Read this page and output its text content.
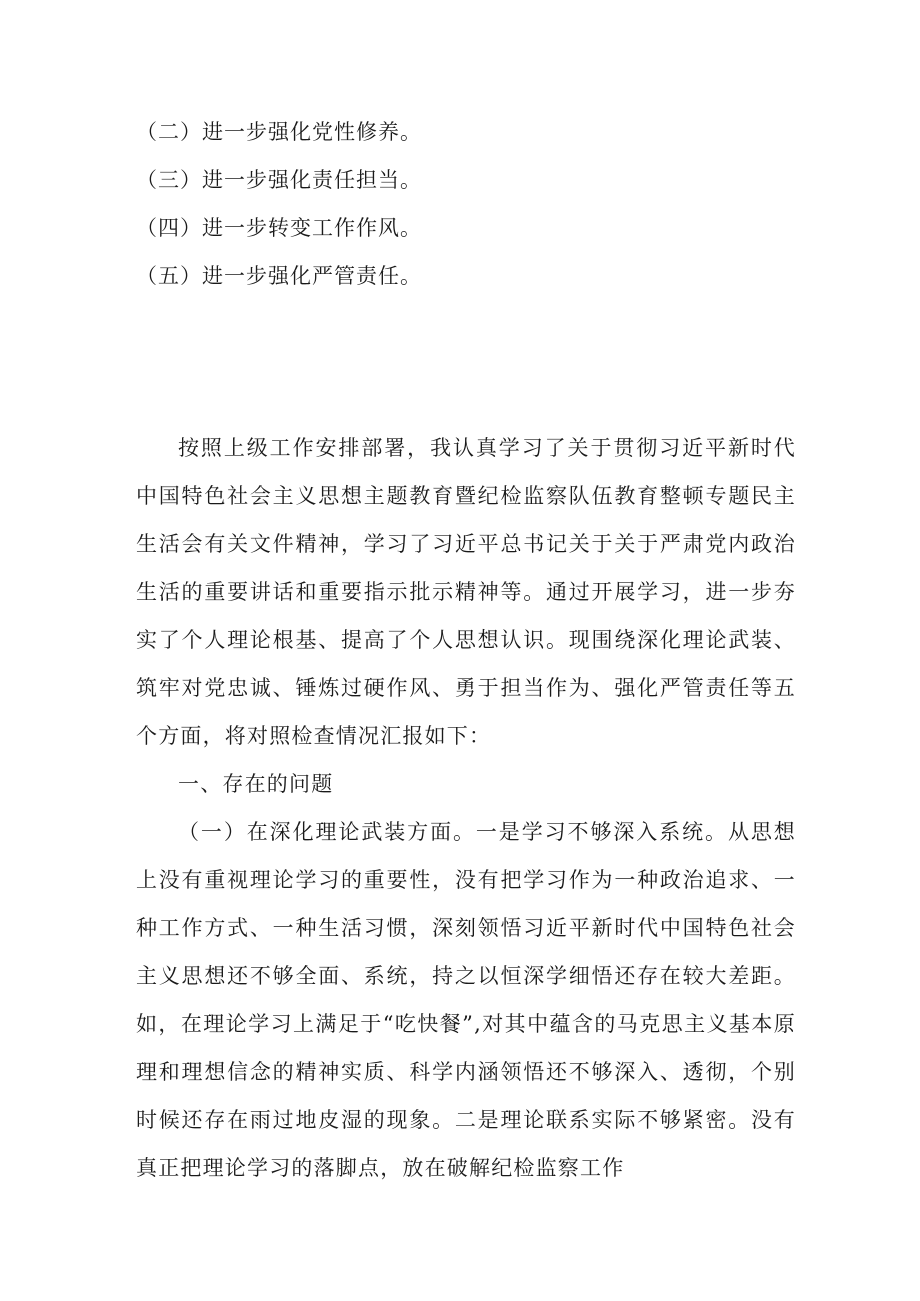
（二）进一步强化党性修养。
（三）进一步强化责任担当。
（四）进一步转变工作作风。
（五）进一步强化严管责任。

按照上级工作安排部署，我认真学习了关于贯彻习近平新时代中国特色社会主义思想主题教育暨纪检监察队伍教育整顿专题民主生活会有关文件精神，学习了习近平总书记关于关于严肃党内政治生活的重要讲话和重要指示批示精神等。通过开展学习，进一步夯实了个人理论根基、提高了个人思想认识。现围绕深化理论武装、筑牢对党忠诚、锤炼过硬作风、勇于担当作为、强化严管责任等五个方面，将对照检查情况汇报如下：

一、存在的问题

（一）在深化理论武装方面。一是学习不够深入系统。从思想上没有重视理论学习的重要性，没有把学习作为一种政治追求、一种工作方式、一种生活习惯，深刻领悟习近平新时代中国特色社会主义思想还不够全面、系统，持之以恒深学细悟还存在较大差距。如，在理论学习上满足于“吃快餐”,对其中蕴含的马克思主义基本原理和理想信念的精神实质、科学内涵领悟还不够深入、透彻，个别时候还存在雨过地皮湿的现象。二是理论联系实际不够紧密。没有真正把理论学习的落脚点，放在破解纪检监察工作
